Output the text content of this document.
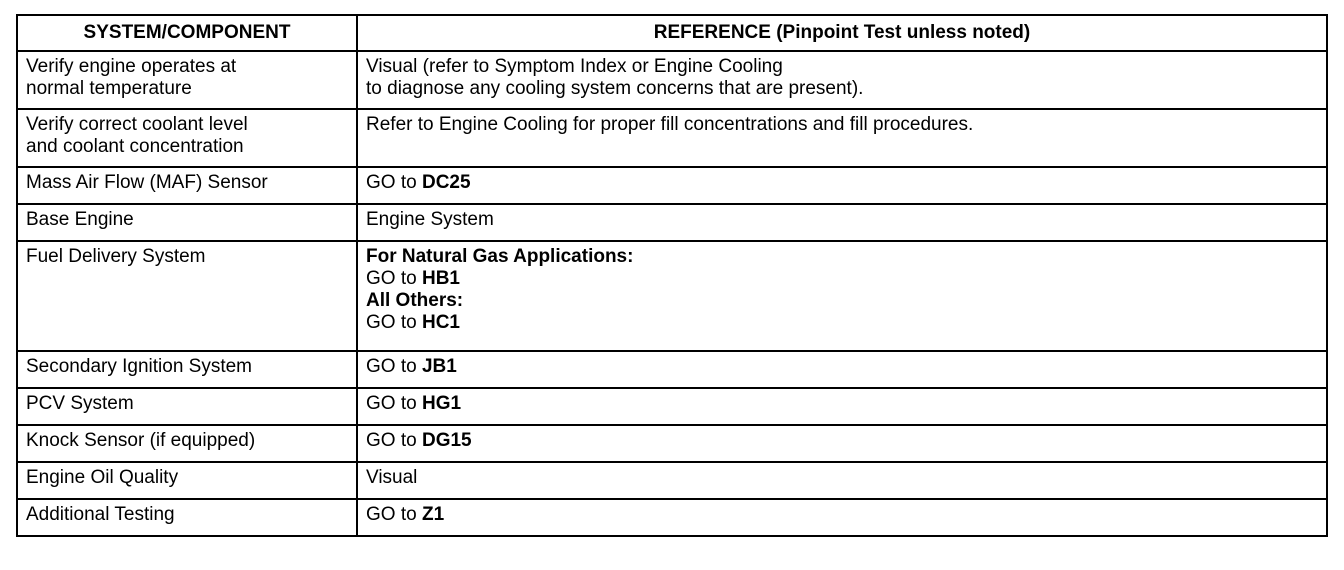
SYSTEM/COMPONENT	REFERENCE (Pinpoint Test unless noted)

Verify engine operates at
normal temperature	Visual (refer to Symptom Index or Engine Cooling
to diagnose any cooling system concerns that are present).

Verify correct coolant level
and coolant concentration	Refer to Engine Cooling for proper fill concentrations and fill procedures.

Mass Air Flow (MAF) Sensor	GO to DC25
Base Engine	Engine System
Fuel Delivery System	For Natural Gas Applications:
GO to HB1
All Others:
GO to HC1

Secondary Ignition System	GO to JB1
PCV System	GO to HG1
Knock Sensor (if equipped)	GO to DG15
Engine Oil Quality	Visual
Additional Testing	GO to Z1
